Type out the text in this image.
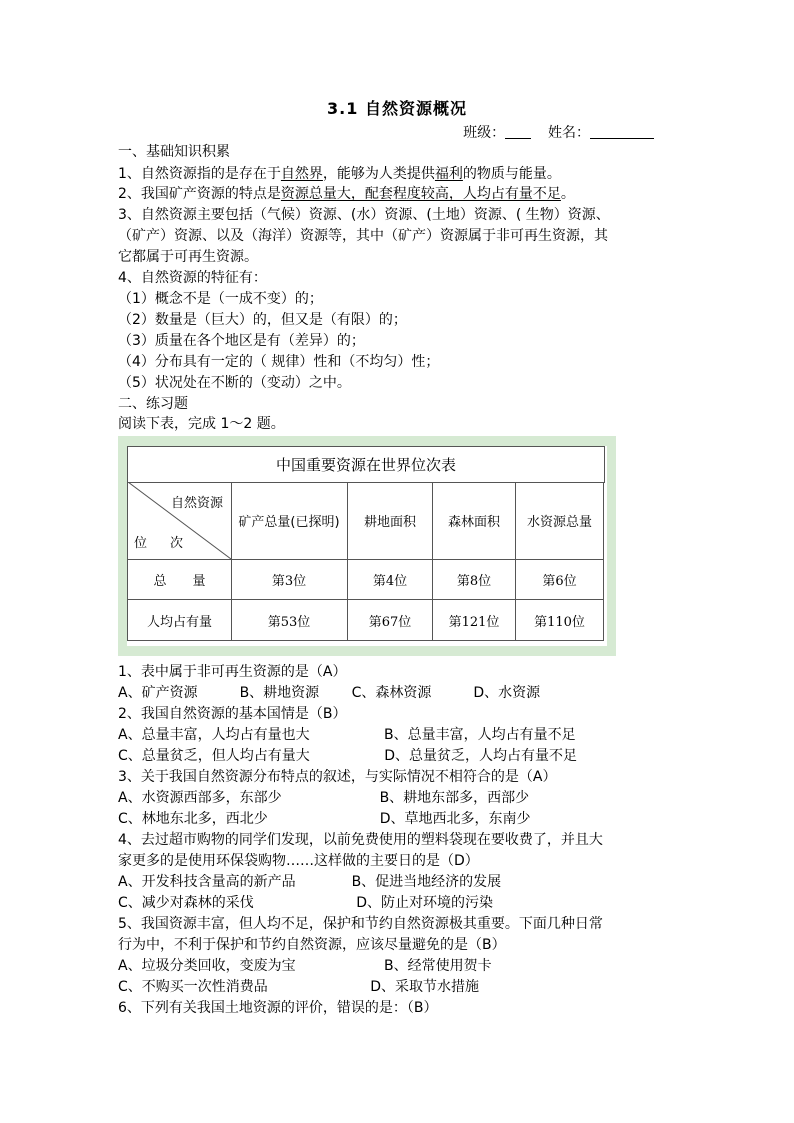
3.1 自然资源概况
班级：	姓名：
一、基础知识积累
1、自然资源指的是存在于自然界，能够为人类提供福利的物质与能量。
2、我国矿产资源的特点是资源总量大，配套程度较高，人均占有量不足。
3、自然资源主要包括（气候）资源、(水）资源、(土地）资源、( 生物）资源、
（矿产）资源、以及（海洋）资源等，其中（矿产）资源属于非可再生资源，其
它都属于可再生资源。
4、自然资源的特征有：
（1）概念不是（一成不变）的；
（2）数量是（巨大）的，但又是（有限）的；
（3）质量在各个地区是有（差异）的；
（4）分布具有一定的（ 规律）性和（不均匀）性；
（5）状况处在不断的（变动）之中。
二、练习题
阅读下表，完成 1～2 题。
中国重要资源在世界位次表
自然资源
位 次
矿产总量(已探明)	耕地面积	森林面积	水资源总量
总　　量	第3位	第4位	第8位	第6位
人均占有量	第53位	第67位	第121位	第110位
1、表中属于非可再生资源的是（A）
A、矿产资源　　　B、耕地资源　　 C、森林资源　　　D、水资源
2、我国自然资源的基本国情是（B）
A、总量丰富，人均占有量也大　　　　　 B、总量丰富，人均占有量不足
C、总量贫乏，但人均占有量大　　　　　 D、总量贫乏，人均占有量不足
3、关于我国自然资源分布特点的叙述，与实际情况不相符合的是（A）
A、水资源西部多，东部少　　　　　　　B、耕地东部多，西部少
C、林地东北多，西北少　　　　　　　　D、草地西北多，东南少
4、去过超市购物的同学们发现，以前免费使用的塑料袋现在要收费了，并且大
家更多的是使用环保袋购物……这样做的主要日的是（D）
A、开发科技含量高的新产品　　　　B、促进当地经济的发展
C、减少对森林的采伐　　　　　　　 D、防止对环境的污染
5、我国资源丰富，但人均不足，保护和节约自然资源极其重要。下面几种日常
行为中，不利于保护和节约自然资源，应该尽量避免的是（B）
A、垃圾分类回收，变废为宝　　　　　　 B、经常使用贺卡
C、不购买一次性消费品　　　　　　　 D、采取节水措施
6、下列有关我国土地资源的评价，错误的是：（B）
